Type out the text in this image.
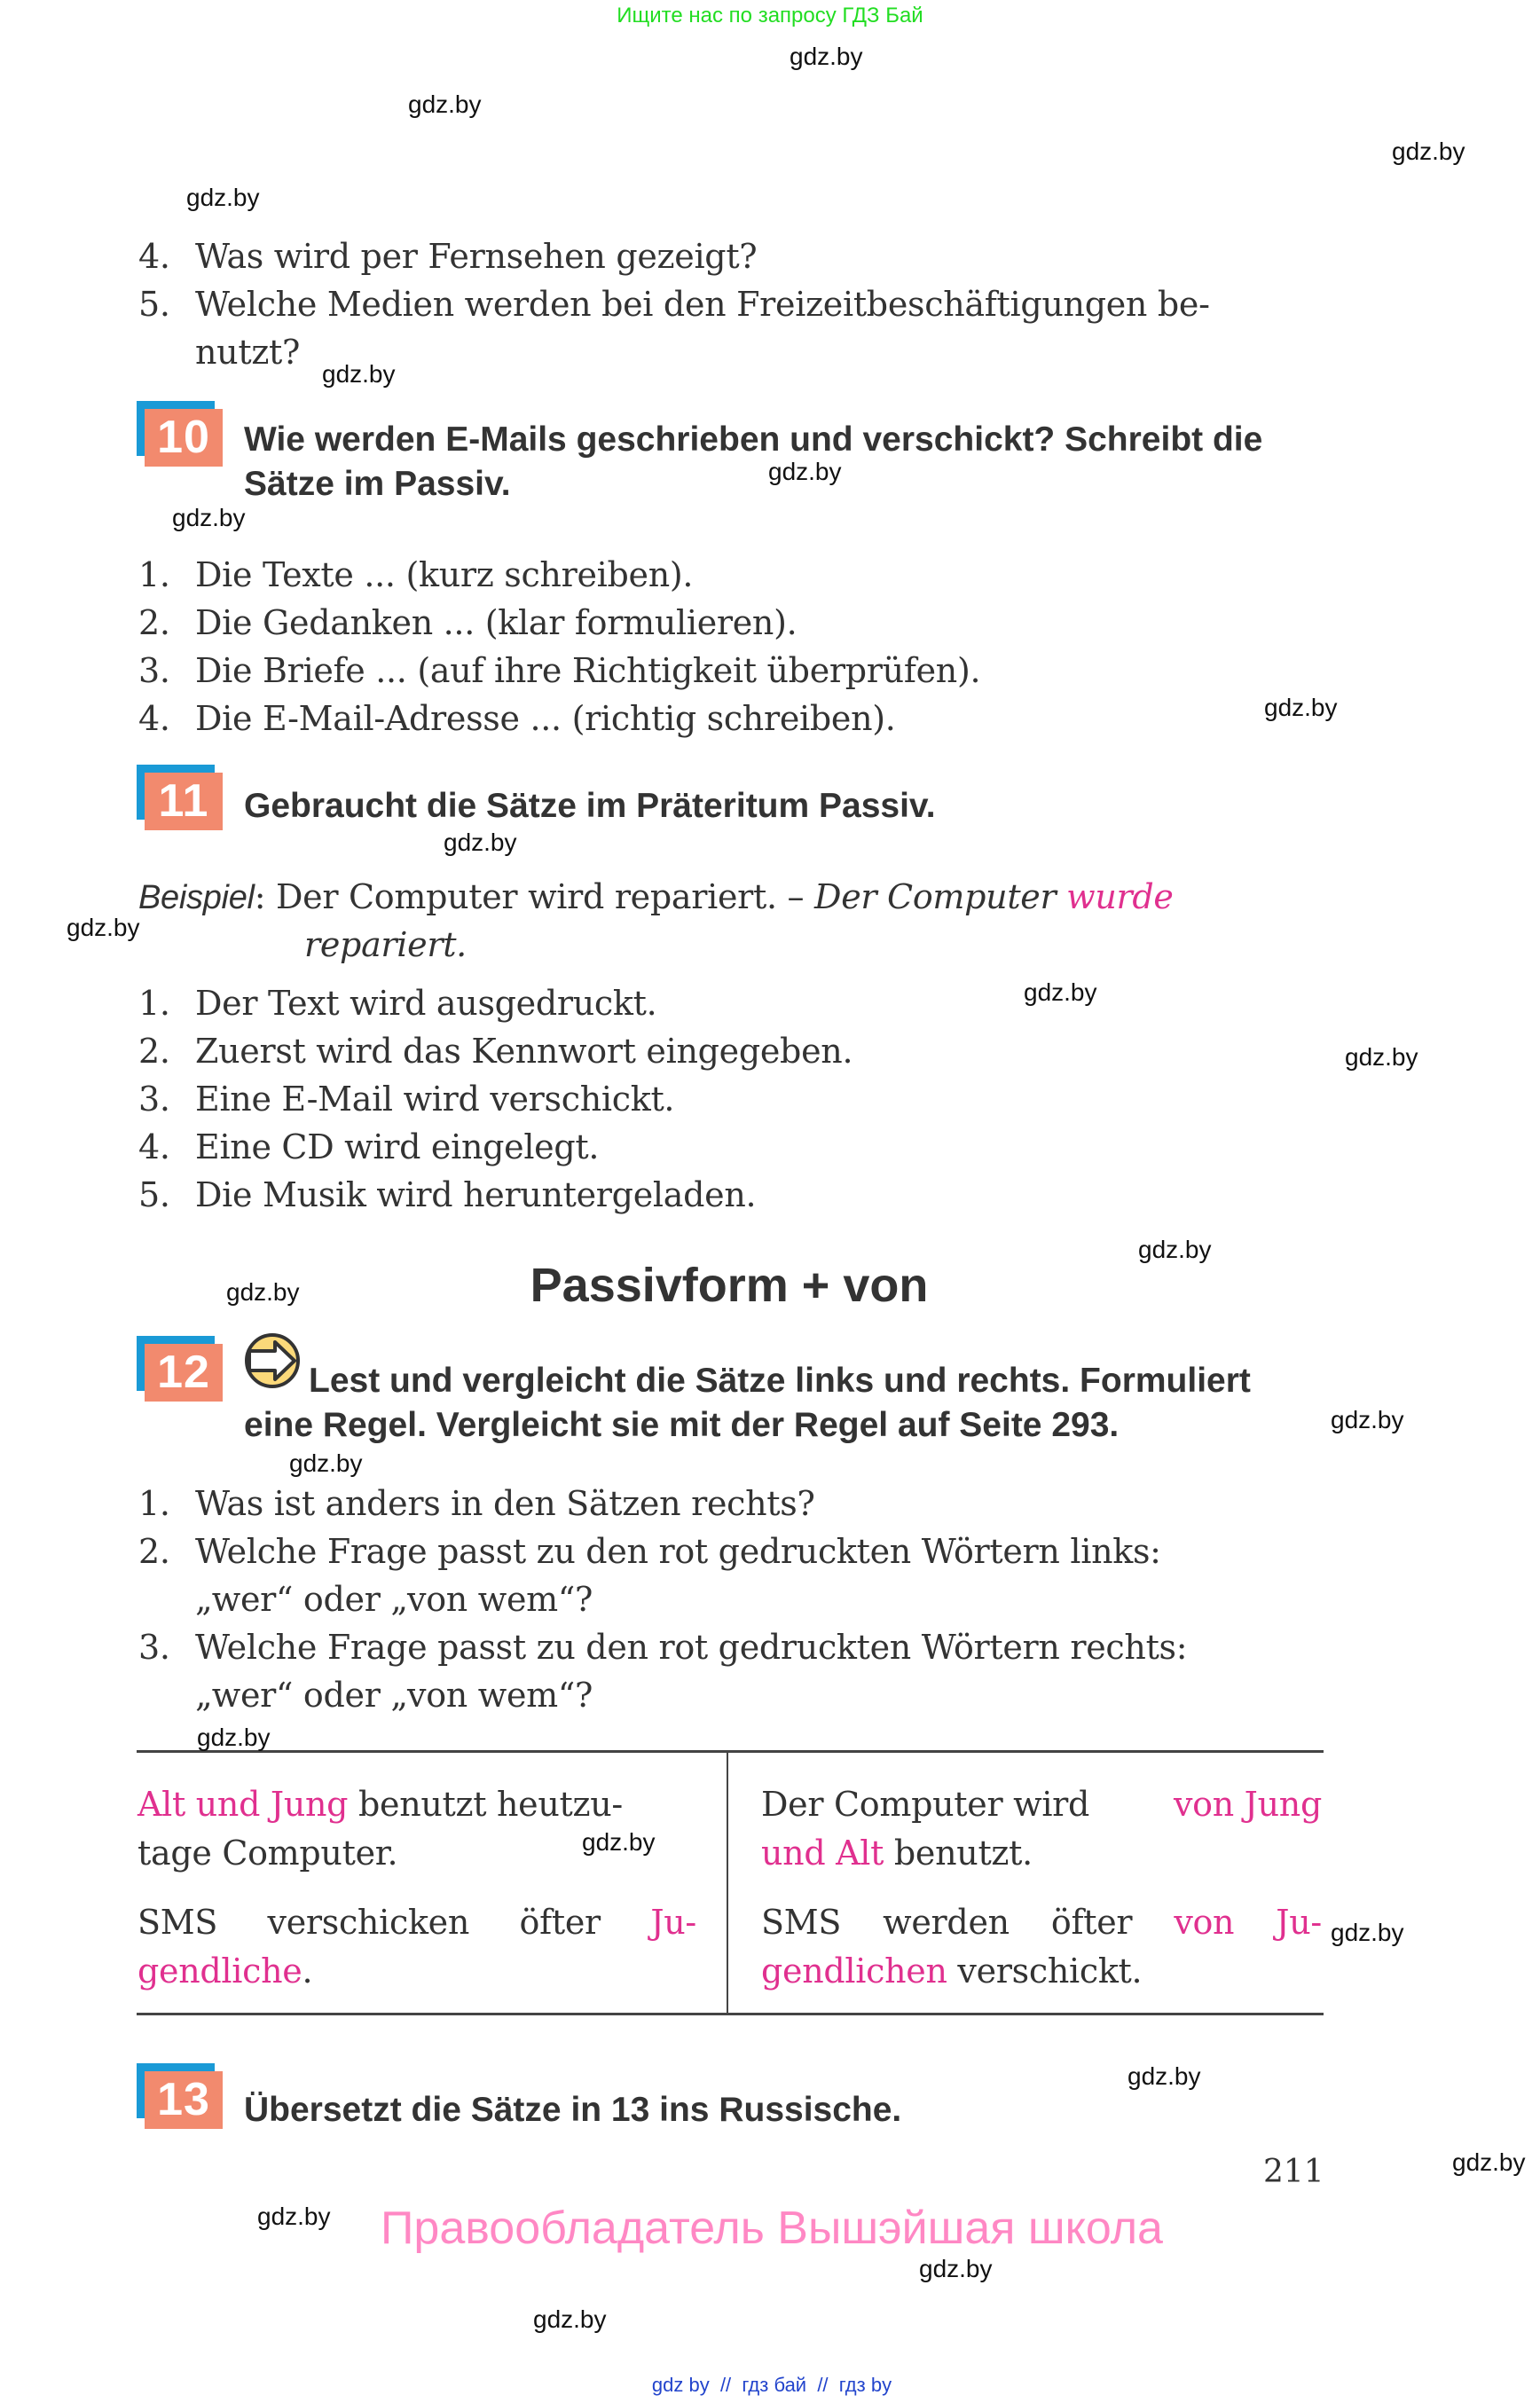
Ищите нас по запросу ГДЗ Бай
4. Was wird per Fernsehen gezeigt?
5. Welche Medien werden bei den Freizeitbeschäftigungen be-
nutzt?
10 Wie werden E-Mails geschrieben und verschickt? Schreibt die
Sätze im Passiv.
1. Die Texte ... (kurz schreiben).
2. Die Gedanken ... (klar formulieren).
3. Die Briefe ... (auf ihre Richtigkeit überprüfen).
4. Die E-Mail-Adresse ... (richtig schreiben).
11	Gebraucht die Sätze im Präteritum Passiv.
Beispiel: Der Computer wird repariert. – Der Computer wurde
repariert.
1. Der Text wird ausgedruckt.
2. Zuerst wird das Kennwort eingegeben.
3. Eine E-Mail wird verschickt.
4. Eine CD wird eingelegt.
5. Die Musik wird heruntergeladen.
Passivform + von
12	Lest und vergleicht die Sätze links und rechts. Formuliert
eine Regel. Vergleicht sie mit der Regel auf Seite 293.
1. Was ist anders in den Sätzen rechts?
2. Welche Frage passt zu den rot gedruckten Wörtern links:
„wer“ oder „von wem“?
3. Welche Frage passt zu den rot gedruckten Wörtern rechts:
„wer“ oder „von wem“?
Alt und Jung benutzt heutzu-
tage Computer.
SMS verschicken öfter Ju-
gendliche.
Der Computer wird von Jung
und Alt benutzt.
SMS werden öfter von Ju-
gendlichen verschickt.
13 Übersetzt die Sätze in 13 ins Russische.
211
Правообладатель Вышэйшая школа
gdz by  //  гдз бай  //  гдз by
gdz.by
gdz.by
gdz.by
gdz.by
gdz.by
gdz.by
gdz.by
gdz.by
gdz.by
gdz.by
gdz.by
gdz.by
gdz.by
gdz.by
gdz.by
gdz.by
gdz.by
gdz.by
gdz.by
gdz.by
gdz.by
gdz.by
gdz.by
gdz.by
